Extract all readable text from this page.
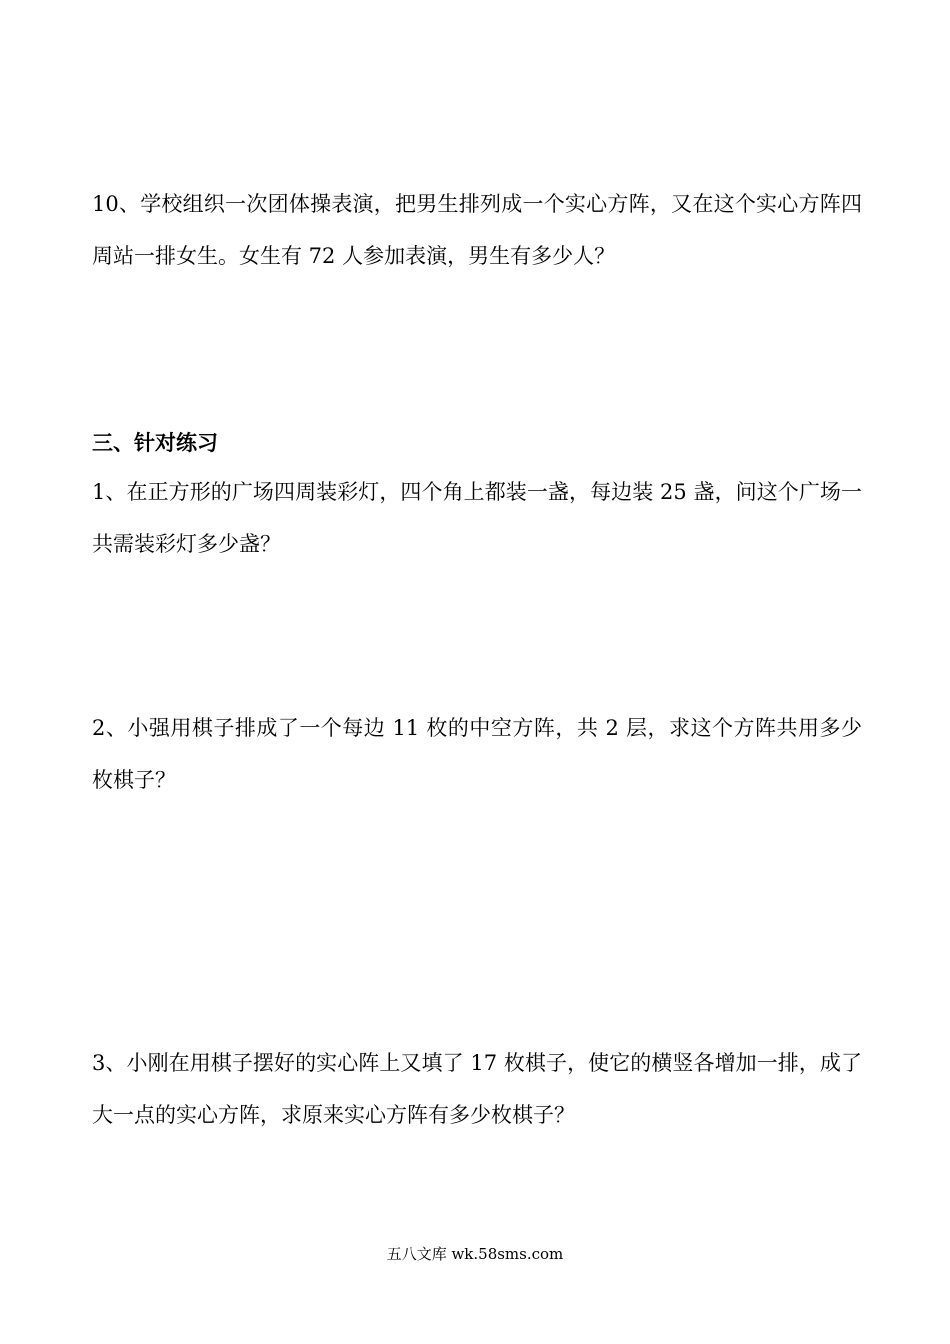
10、学校组织一次团体操表演，把男生排列成一个实心方阵，又在这个实心方阵四周站一排女生。女生有 72 人参加表演，男生有多少人？

三、针对练习

1、在正方形的广场四周装彩灯，四个角上都装一盏，每边装 25 盏，问这个广场一共需装彩灯多少盏？

2、小强用棋子排成了一个每边 11 枚的中空方阵，共 2 层，求这个方阵共用多少枚棋子？

3、小刚在用棋子摆好的实心阵上又填了 17 枚棋子，使它的横竖各增加一排，成了大一点的实心方阵，求原来实心方阵有多少枚棋子？

五八文库 wk.58sms.com
